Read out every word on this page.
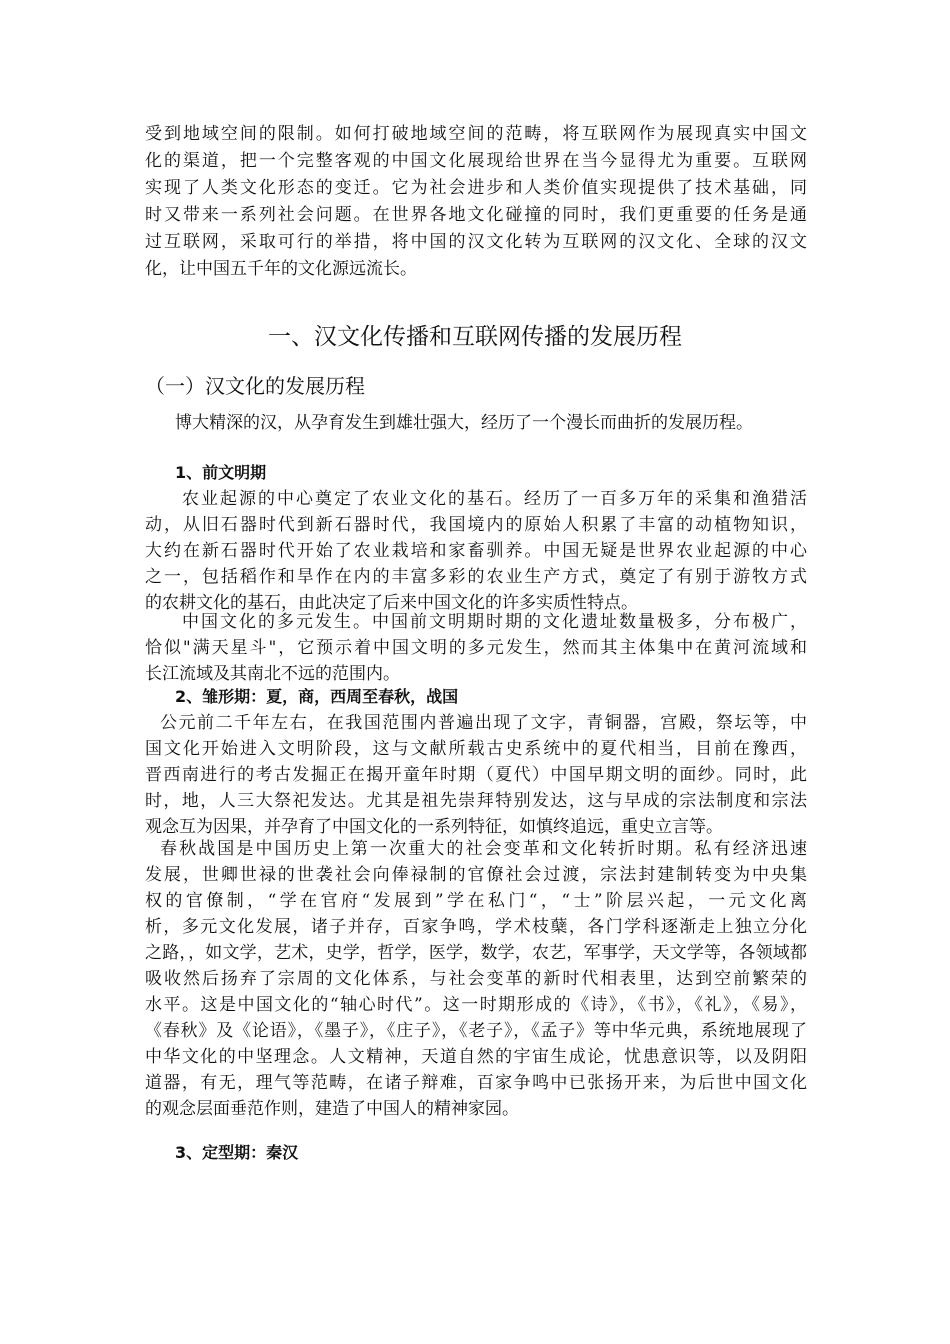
受到地域空间的限制。如何打破地域空间的范畴，将互联网作为展现真实中国文
化的渠道，把一个完整客观的中国文化展现给世界在当今显得尤为重要。互联网
实现了人类文化形态的变迁。它为社会进步和人类价值实现提供了技术基础，同
时又带来一系列社会问题。在世界各地文化碰撞的同时，我们更重要的任务是通
过互联网，采取可行的举措，将中国的汉文化转为互联网的汉文化、全球的汉文
化，让中国五千年的文化源远流长。
一、汉文化传播和互联网传播的发展历程
（一）汉文化的发展历程
博大精深的汉，从孕育发生到雄壮强大，经历了一个漫长而曲折的发展历程。
1、前文明期
农业起源的中心奠定了农业文化的基石。经历了一百多万年的采集和渔猎活
动，从旧石器时代到新石器时代，我国境内的原始人积累了丰富的动植物知识，
大约在新石器时代开始了农业栽培和家畜驯养。中国无疑是世界农业起源的中心
之一，包括稻作和旱作在内的丰富多彩的农业生产方式，奠定了有别于游牧方式
的农耕文化的基石，由此决定了后来中国文化的许多实质性特点。
中国文化的多元发生。中国前文明期时期的文化遗址数量极多，分布极广，
恰似"满天星斗"，它预示着中国文明的多元发生，然而其主体集中在黄河流域和
长江流域及其南北不远的范围内。
2、雏形期：夏，商，西周至春秋，战国
公元前二千年左右，在我国范围内普遍出现了文字，青铜器，宫殿，祭坛等，中
国文化开始进入文明阶段，这与文献所载古史系统中的夏代相当，目前在豫西，
晋西南进行的考古发掘正在揭开童年时期（夏代）中国早期文明的面纱。同时，此
时，地，人三大祭祀发达。尤其是祖先崇拜特别发达，这与早成的宗法制度和宗法
观念互为因果，并孕育了中国文化的一系列特征，如慎终追远，重史立言等。
春秋战国是中国历史上第一次重大的社会变革和文化转折时期。私有经济迅速
发展，世卿世禄的世袭社会向俸禄制的官僚社会过渡，宗法封建制转变为中央集
权的官僚制，“学在官府“发展到”学在私门“，“士”阶层兴起，一元文化离
析，多元文化发展，诸子并存，百家争鸣，学术枝蘖，各门学科逐渐走上独立分化
之路，，如文学，艺术，史学，哲学，医学，数学，农艺，军事学，天文学等，各领域都
吸收然后扬弃了宗周的文化体系，与社会变革的新时代相表里，达到空前繁荣的
水平。这是中国文化的“轴心时代”。这一时期形成的《诗》，《书》，《礼》，《易》，
《春秋》及《论语》，《墨子》，《庄子》，《老子》，《孟子》等中华元典，系统地展现了
中华文化的中坚理念。人文精神，天道自然的宇宙生成论，忧患意识等，以及阴阳
道器，有无，理气等范畴，在诸子辩难，百家争鸣中已张扬开来，为后世中国文化
的观念层面垂范作则，建造了中国人的精神家园。
3、定型期：秦汉
